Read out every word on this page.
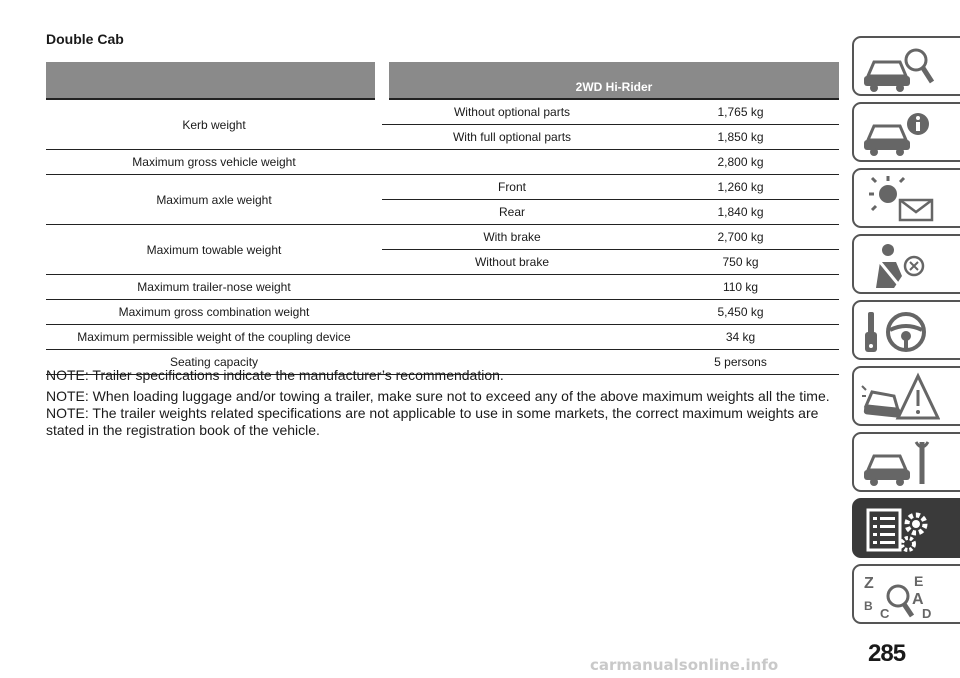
Double Cab
	2WD Hi-Rider	
Kerb weight	Without optional parts	1,765 kg
	With full optional parts	1,850 kg
Maximum gross vehicle weight		2,800 kg
Maximum axle weight	Front	1,260 kg
	Rear	1,840 kg
Maximum towable weight	With brake	2,700 kg
	Without brake	750 kg
Maximum trailer-nose weight		110 kg
Maximum gross combination weight		5,450 kg
Maximum permissible weight of the coupling device		34 kg
Seating capacity		5 persons

NOTE: Trailer specifications indicate the manufacturer’s recommendation.

NOTE: When loading luggage and/or towing a trailer, make sure not to exceed any of the above maximum weights all the time.

NOTE: The trailer weights related specifications are not applicable to use in some markets, the correct maximum weights are stated in the registration book of the vehicle.

Z	E
B A
C	D
285
carmanualsonline.info
